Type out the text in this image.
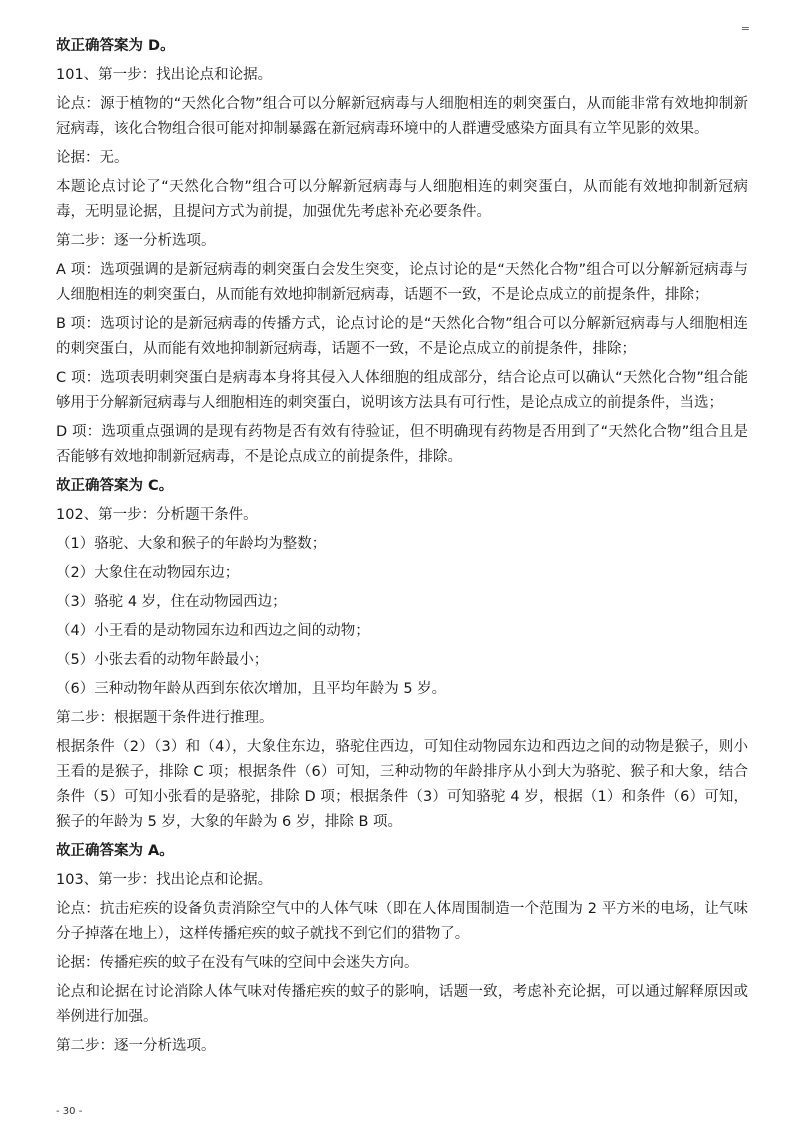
=

故正确答案为 D。

101、第一步：找出论点和论据。

论点：源于植物的“天然化合物”组合可以分解新冠病毒与人细胞相连的刺突蛋白，从而能非常有效地抑制新冠病毒，该化合物组合很可能对抑制暴露在新冠病毒环境中的人群遭受感染方面具有立竿见影的效果。

论据：无。

本题论点讨论了“天然化合物”组合可以分解新冠病毒与人细胞相连的刺突蛋白，从而能有效地抑制新冠病毒，无明显论据，且提问方式为前提，加强优先考虑补充必要条件。

第二步：逐一分析选项。

A 项：选项强调的是新冠病毒的刺突蛋白会发生突变，论点讨论的是“天然化合物”组合可以分解新冠病毒与人细胞相连的刺突蛋白，从而能有效地抑制新冠病毒，话题不一致，不是论点成立的前提条件，排除；

B 项：选项讨论的是新冠病毒的传播方式，论点讨论的是“天然化合物”组合可以分解新冠病毒与人细胞相连的刺突蛋白，从而能有效地抑制新冠病毒，话题不一致，不是论点成立的前提条件，排除；

C 项：选项表明刺突蛋白是病毒本身将其侵入人体细胞的组成部分，结合论点可以确认“天然化合物”组合能够用于分解新冠病毒与人细胞相连的刺突蛋白，说明该方法具有可行性，是论点成立的前提条件，当选；

D 项：选项重点强调的是现有药物是否有效有待验证，但不明确现有药物是否用到了“天然化合物”组合且是否能够有效地抑制新冠病毒，不是论点成立的前提条件，排除。

故正确答案为 C。

102、第一步：分析题干条件。

（1）骆驼、大象和猴子的年龄均为整数；

（2）大象住在动物园东边；

（3）骆驼 4 岁，住在动物园西边；

（4）小王看的是动物园东边和西边之间的动物；

（5）小张去看的动物年龄最小；

（6）三种动物年龄从西到东依次增加，且平均年龄为 5 岁。

第二步：根据题干条件进行推理。

根据条件（2）（3）和（4），大象住东边，骆驼住西边，可知住动物园东边和西边之间的动物是猴子，则小王看的是猴子，排除 C 项；根据条件（6）可知，三种动物的年龄排序从小到大为骆驼、猴子和大象，结合条件（5）可知小张看的是骆驼，排除 D 项；根据条件（3）可知骆驼 4 岁，根据（1）和条件（6）可知，猴子的年龄为 5 岁，大象的年龄为 6 岁，排除 B 项。

故正确答案为 A。

103、第一步：找出论点和论据。

论点：抗击疟疾的设备负责消除空气中的人体气味（即在人体周围制造一个范围为 2 平方米的电场，让气味分子掉落在地上），这样传播疟疾的蚊子就找不到它们的猎物了。

论据：传播疟疾的蚊子在没有气味的空间中会迷失方向。

论点和论据在讨论消除人体气味对传播疟疾的蚊子的影响，话题一致，考虑补充论据，可以通过解释原因或举例进行加强。

第二步：逐一分析选项。

- 30 -
